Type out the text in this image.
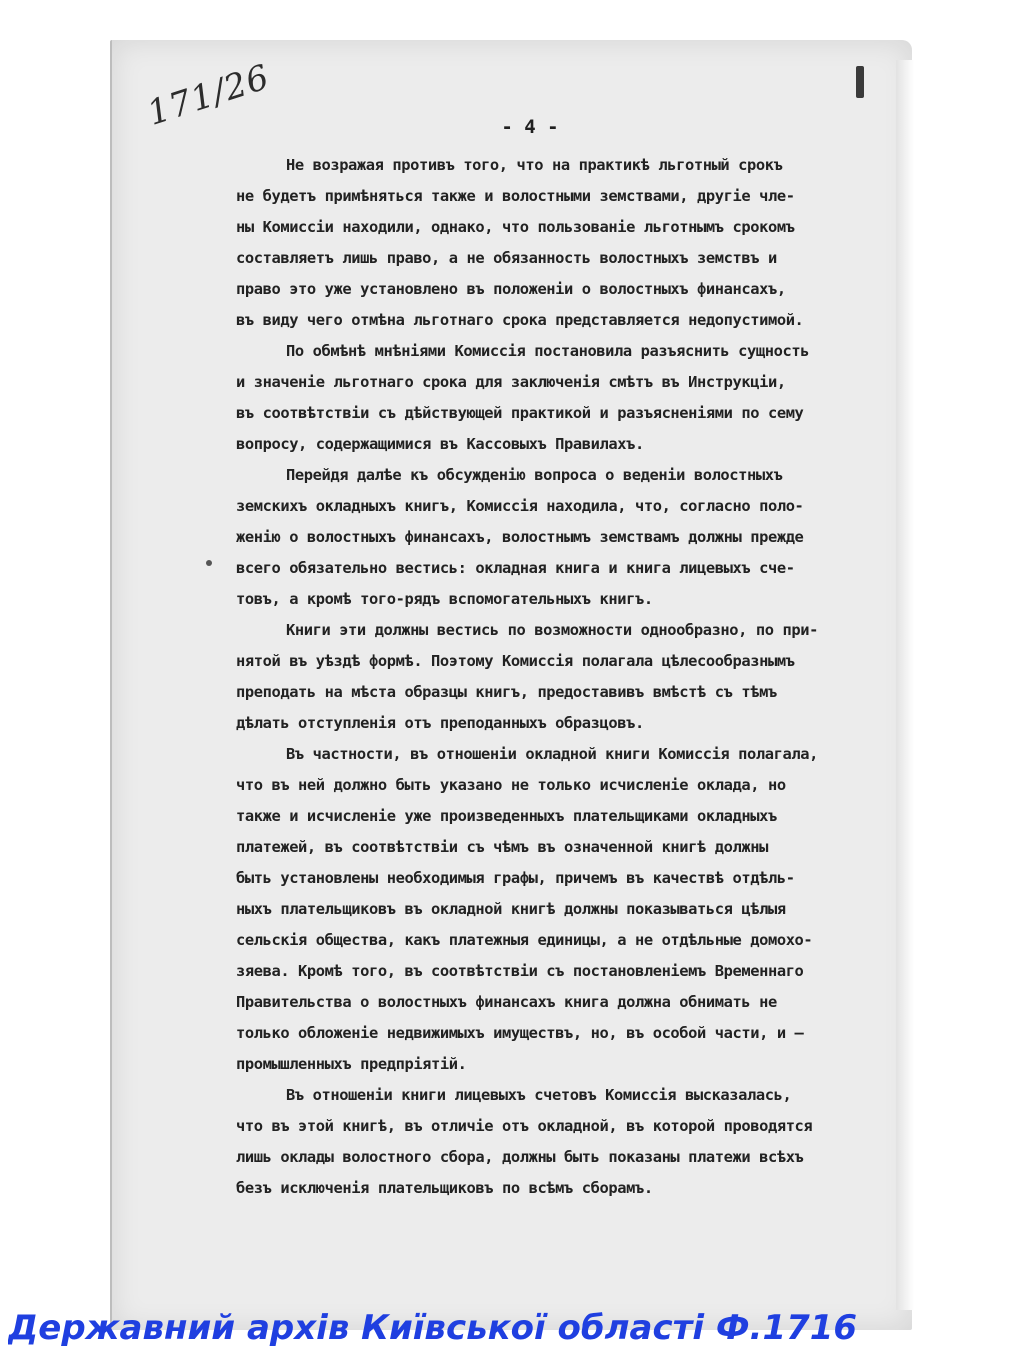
171/26	- 4 -
Не возражая противъ того, что на практикѣ льготный срокъ
не будетъ примѣняться также и волостными земствами, другіе чле-
ны Комиссіи находили, однако, что пользованіе льготнымъ срокомъ
составляетъ лишь право, а не обязанность волостныхъ земствъ и
право это уже установлено въ положеніи о волостныхъ финансахъ,
въ виду чего отмѣна льготнаго срока представляется недопустимой.
По обмѣнѣ мнѣніями Комиссія постановила разъяснить сущность
и значеніе льготнаго срока для заключенія смѣтъ въ Инструкціи,
въ соотвѣтствіи съ дѣйствующей практикой и разъясненіями по сему
вопросу, содержащимися въ Кассовыхъ Правилахъ.
Перейдя далѣе къ обсужденію вопроса о веденіи волостныхъ
земскихъ окладныхъ книгъ, Комиссія находила, что, согласно поло-
женію о волостныхъ финансахъ, волостнымъ земствамъ должны прежде
всего обязательно вестись: окладная книга и книга лицевыхъ сче-
товъ, а кромѣ того-рядъ вспомогательныхъ книгъ.
Книги эти должны вестись по возможности однообразно, по при-
нятой въ уѣздѣ формѣ. Поэтому Комиссія полагала цѣлесообразнымъ
преподать на мѣста образцы книгъ, предоставивъ вмѣстѣ съ тѣмъ
дѣлать отступленія отъ преподанныхъ образцовъ.
Въ частности, въ отношеніи окладной книги Комиссія полагала,
что въ ней должно быть указано не только исчисленіе оклада, но
также и исчисленіе уже произведенныхъ плательщиками окладныхъ
платежей, въ соотвѣтствіи съ чѣмъ въ означенной книгѣ должны
быть установлены необходимыя графы, причемъ въ качествѣ отдѣль-
ныхъ плательщиковъ въ окладной книгѣ должны показываться цѣлыя
сельскія общества, какъ платежныя единицы, а не отдѣльные домохо-
зяева. Кромѣ того, въ соотвѣтствіи съ постановленіемъ Временнаго
Правительства о волостныхъ финансахъ книга должна обнимать не
только обложеніе недвижимыхъ имуществъ, но, въ особой части, и —
промышленныхъ предпріятій.
Въ отношеніи книги лицевыхъ счетовъ Комиссія высказалась,
что въ этой книгѣ, въ отличіе отъ окладной, въ которой проводятся
лишь оклады волостного сбора, должны быть показаны платежи всѣхъ
безъ исключенія плательщиковъ по всѣмъ сборамъ.
Державний архів Київської області Ф.1716
